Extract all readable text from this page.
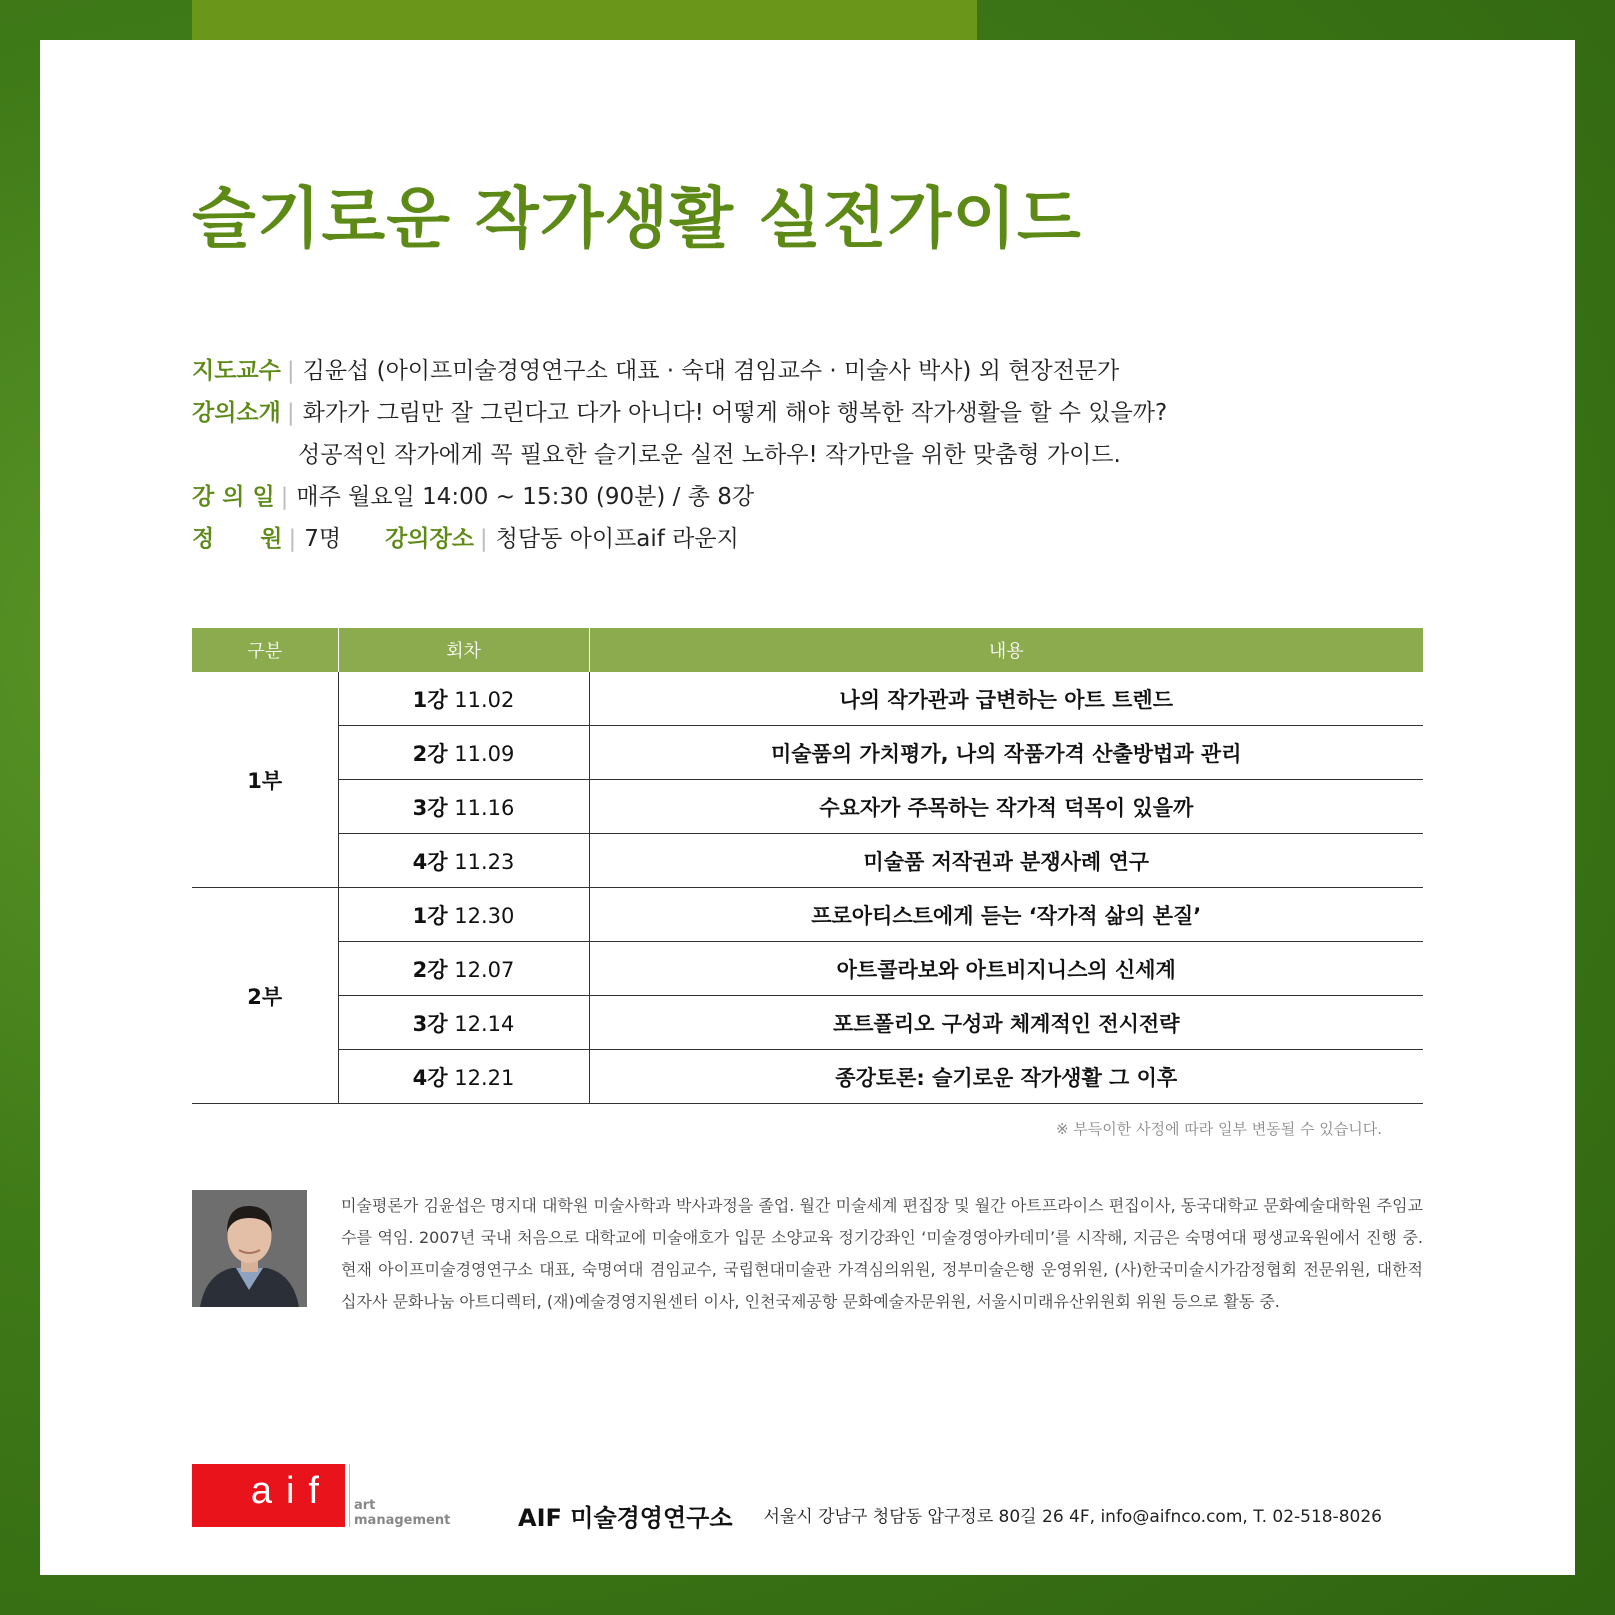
슬기로운 작가생활 실전가이드
지도교수 | 김윤섭 (아이프미술경영연구소 대표 · 숙대 겸임교수 · 미술사 박사) 외 현장전문가
강의소개 | 화가가 그림만 잘 그린다고 다가 아니다! 어떻게 해야 행복한 작가생활을 할 수 있을까?
성공적인 작가에게 꼭 필요한 슬기로운 실전 노하우! 작가만을 위한 맞춤형 가이드.
강 의 일 | 매주 월요일 14:00 ~ 15:30 (90분) / 총 8강
정　　원 | 7명 강의장소 | 청담동 아이프aif 라운지
구분	회차	내용
1부	1강 11.02	나의 작가관과 급변하는 아트 트렌드
	2강 11.09	미술품의 가치평가, 나의 작품가격 산출방법과 관리
	3강 11.16	수요자가 주목하는 작가적 덕목이 있을까
	4강 11.23	미술품 저작권과 분쟁사례 연구
2부	1강 12.30	프로아티스트에게 듣는 ‘작가적 삶의 본질’
	2강 12.07	아트콜라보와 아트비지니스의 신세계
	3강 12.14	포트폴리오 구성과 체계적인 전시전략
	4강 12.21	종강토론: 슬기로운 작가생활 그 이후
※ 부득이한 사정에 따라 일부 변동될 수 있습니다.
미술평론가 김윤섭은 명지대 대학원 미술사학과 박사과정을 졸업. 월간 미술세계 편집장 및 월간 아트프라이스 편집이사, 동국대학교 문화예술대학원 주임교수를 역임. 2007년 국내 처음으로 대학교에 미술애호가 입문 소양교육 정기강좌인 ‘미술경영아카데미’를 시작해, 지금은 숙명여대 평생교육원에서 진행 중. 현재 아이프미술경영연구소 대표, 숙명여대 겸임교수, 국립현대미술관 가격심의위원, 정부미술은행 운영위원, (사)한국미술시가감정협회 전문위원, 대한적십자사 문화나눔 아트디렉터, (재)예술경영지원센터 이사, 인천국제공항 문화예술자문위원, 서울시미래유산위원회 위원 등으로 활동 중.
aif art
management	AIF 미술경영연구소 서울시 강남구 청담동 압구정로 80길 26 4F, info@aifnco.com, T. 02-518-8026
